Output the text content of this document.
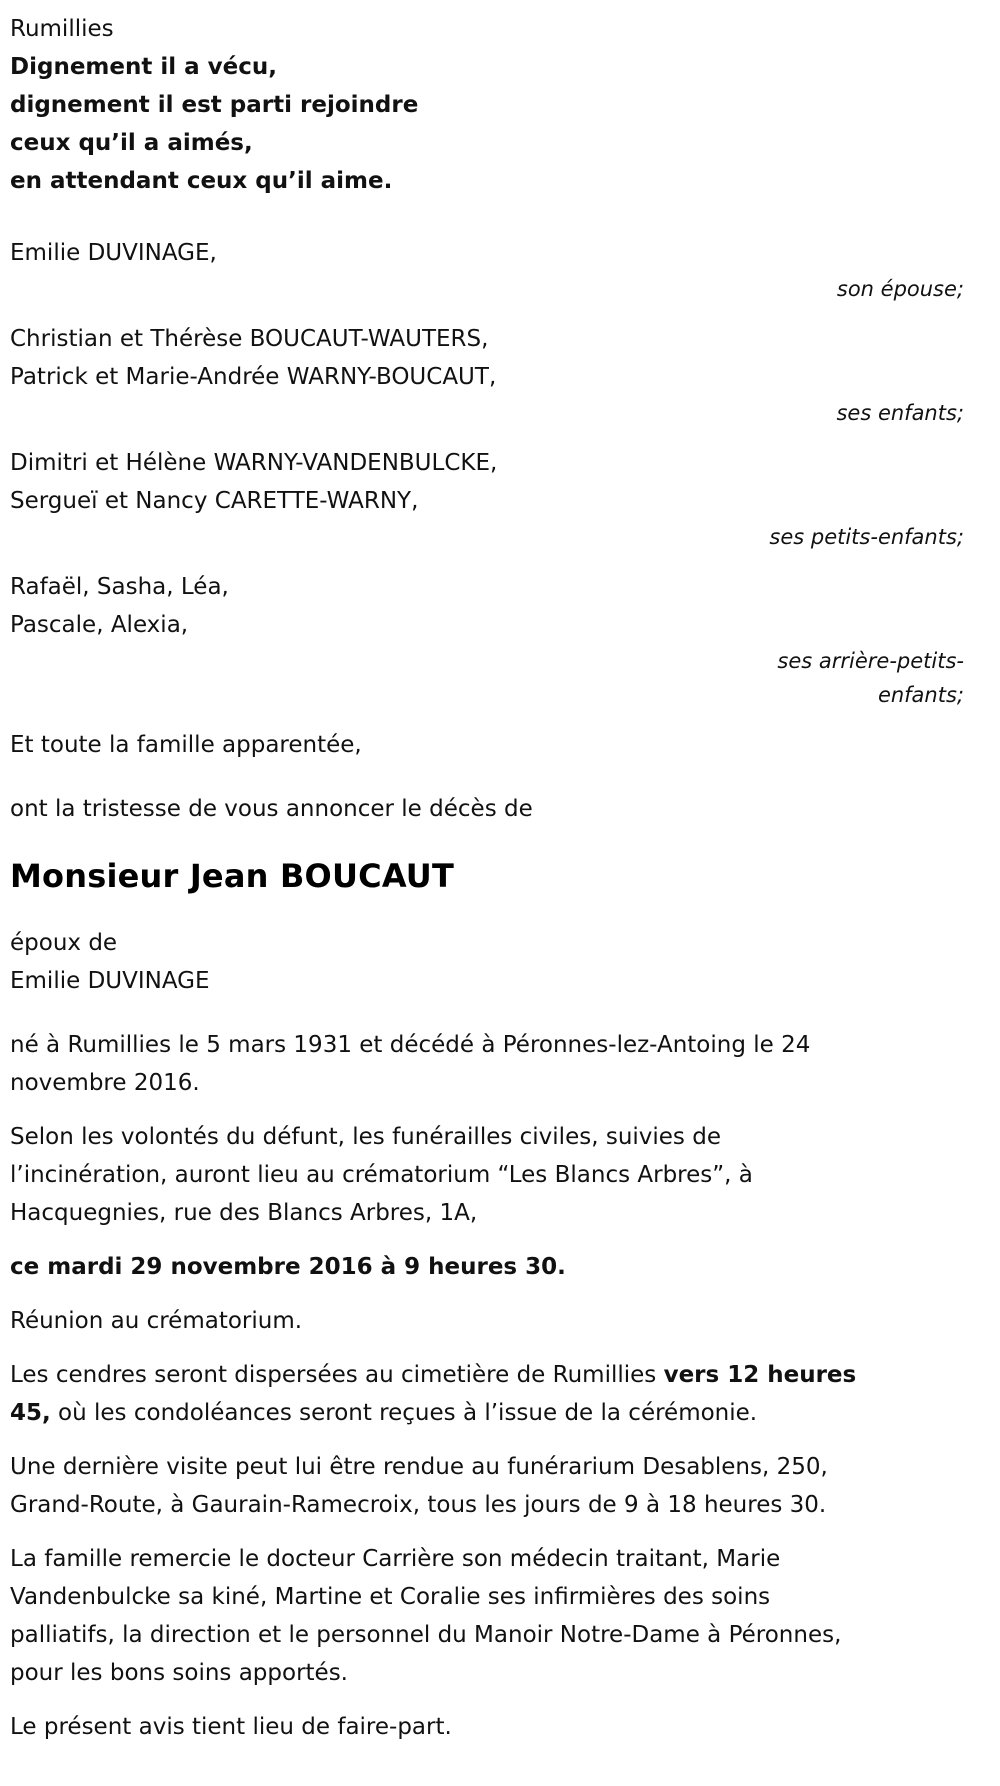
Rumillies
Dignement il a vécu,
dignement il est parti rejoindre
ceux qu’il a aimés,
en attendant ceux qu’il aime.
Emilie DUVINAGE,
son épouse;
Christian et Thérèse BOUCAUT-WAUTERS,
Patrick et Marie-Andrée WARNY-BOUCAUT,
ses enfants;
Dimitri et Hélène WARNY-VANDENBULCKE,
Sergueï et Nancy CARETTE-WARNY,
ses petits-enfants;
Rafaël, Sasha, Léa,
Pascale, Alexia,
ses arrière-petits-
enfants;
Et toute la famille apparentée,
ont la tristesse de vous annoncer le décès de
Monsieur Jean BOUCAUT
époux de
Emilie DUVINAGE
né à Rumillies le 5 mars 1931 et décédé à Péronnes-lez-Antoing le 24 novembre 2016.
Selon les volontés du défunt, les funérailles civiles, suivies de l’incinération, auront lieu au crématorium “Les Blancs Arbres”, à Hacquegnies, rue des Blancs Arbres, 1A,
ce mardi 29 novembre 2016 à 9 heures 30.
Réunion au crématorium.
Les cendres seront dispersées au cimetière de Rumillies vers 12 heures 45, où les condoléances seront reçues à l’issue de la cérémonie.
Une dernière visite peut lui être rendue au funérarium Desablens, 250, Grand-Route, à Gaurain-Ramecroix, tous les jours de 9 à 18 heures 30.
La famille remercie le docteur Carrière son médecin traitant, Marie Vandenbulcke sa kiné, Martine et Coralie ses infirmières des soins palliatifs, la direction et le personnel du Manoir Notre-Dame à Péronnes, pour les bons soins apportés.
Le présent avis tient lieu de faire-part.
